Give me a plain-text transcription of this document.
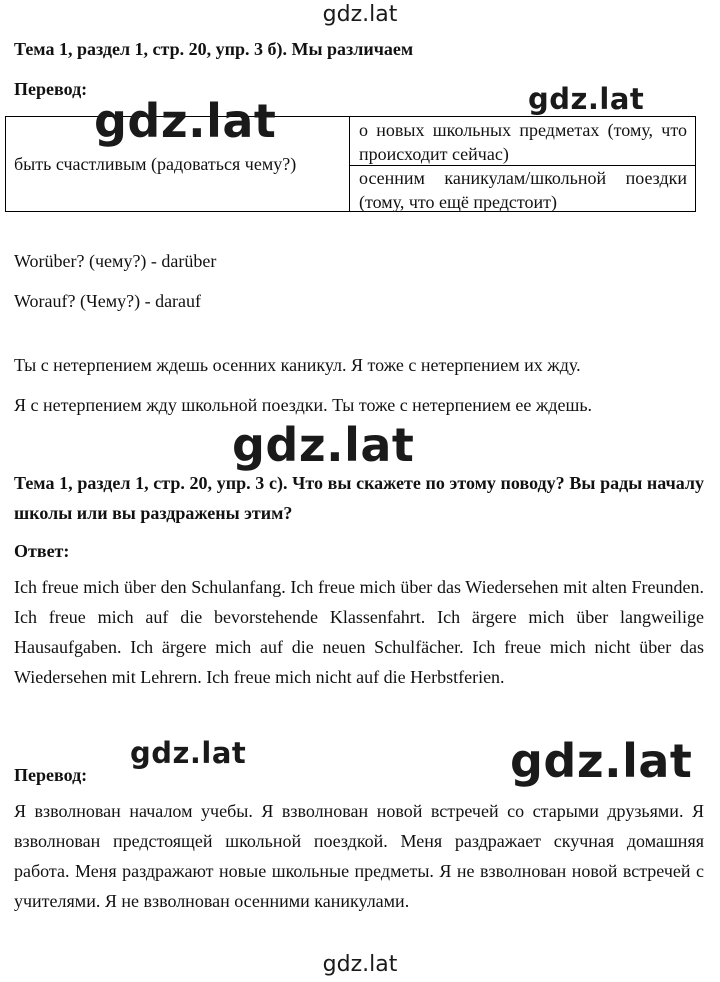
gdz.lat

Тема 1, раздел 1, стр. 20, упр. 3 б). Мы различаем

Перевод:	gdz.lat
быть счастливым (радоваться чему?)
о новых школьных предметах (тому, что происходит сейчас)
осенним каникулам/школьной поездки (тому, что ещё предстоит)
gdz.lat

Worüber? (чему?) - darüber

Worauf? (Чему?) - darauf

Ты с нетерпением ждешь осенних каникул. Я тоже с нетерпением их жду.

Я с нетерпением жду школьной поездки. Ты тоже с нетерпением ее ждешь.

gdz.lat

Тема 1, раздел 1, стр. 20, упр. 3 c). Что вы скажете по этому поводу? Вы рады началу школы или вы раздражены этим?

Ответ:

Ich freue mich über den Schulanfang. Ich freue mich über das Wiedersehen mit alten Freunden. Ich freue mich auf die bevorstehende Klassenfahrt. Ich ärgere mich über langweilige Hausaufgaben. Ich ärgere mich auf die neuen Schulfächer. Ich freue mich nicht über das Wiedersehen mit Lehrern. Ich freue mich nicht auf die Herbstferien.

Перевод:

gdz.lat	gdz.lat

Я взволнован началом учебы. Я взволнован новой встречей со старыми друзьями. Я взволнован предстоящей школьной поездкой. Меня раздражает скучная домашняя работа. Меня раздражают новые школьные предметы. Я не взволнован новой встречей с учителями. Я не взволнован осенними каникулами.

gdz.lat
